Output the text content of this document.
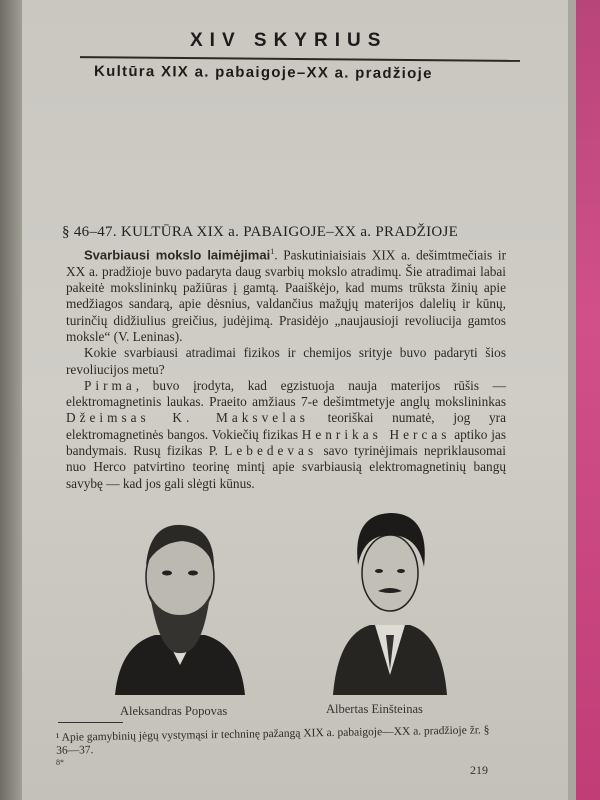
XIV SKYRIUS
Kultūra XIX a. pabaigoje–XX a. pradžioje
§ 46–47. KULTŪRA XIX a. PABAIGOJE–XX a. PRADŽIOJE

Svarbiausi mokslo laimėjimai$^1$. Paskutiniaisiais XIX a. dešimtmečiais ir XX a. pradžioje buvo padaryta daug svarbių mokslo atradimų. Šie atradimai labai pakeitė mokslininkų pažiūras į gamtą. Paaiškėjo, kad mums trūksta žinių apie medžiagos sandarą, apie dėsnius, valdančius mažųjų materijos dalelių ir kūnų, turinčių didžiulius greičius, judėjimą. Prasidėjo „naujausioji revoliucija gamtos moksle“ (V. Leninas).

Kokie svarbiausi atradimai fizikos ir chemijos srityje buvo padaryti šios revoliucijos metu?

Pirma, buvo įrodyta, kad egzistuoja nauja materijos rūšis — elektromagnetinis laukas. Praeito amžiaus 7-e dešimtmetyje anglų mokslininkas Džeimsas K. Maksvelas teoriškai numatė, jog yra elektromagnetinės bangos. Vokiečių fizikas Henrikas Hercas aptiko jas bandymais. Rusų fizikas P. Lebedevas savo tyrinėjimais nepriklausomai nuo Herco patvirtino teorinę mintį apie svarbiausią elektromagnetinių bangų savybę — kad jos gali slėgti kūnus.

Aleksandras Popovas	Albertas Einšteinas
¹ Apie gamybinių jėgų vystymąsi ir techninę pažangą XIX a. pabaigoje—XX a. pradžioje žr. § 36—37.
8*
219
